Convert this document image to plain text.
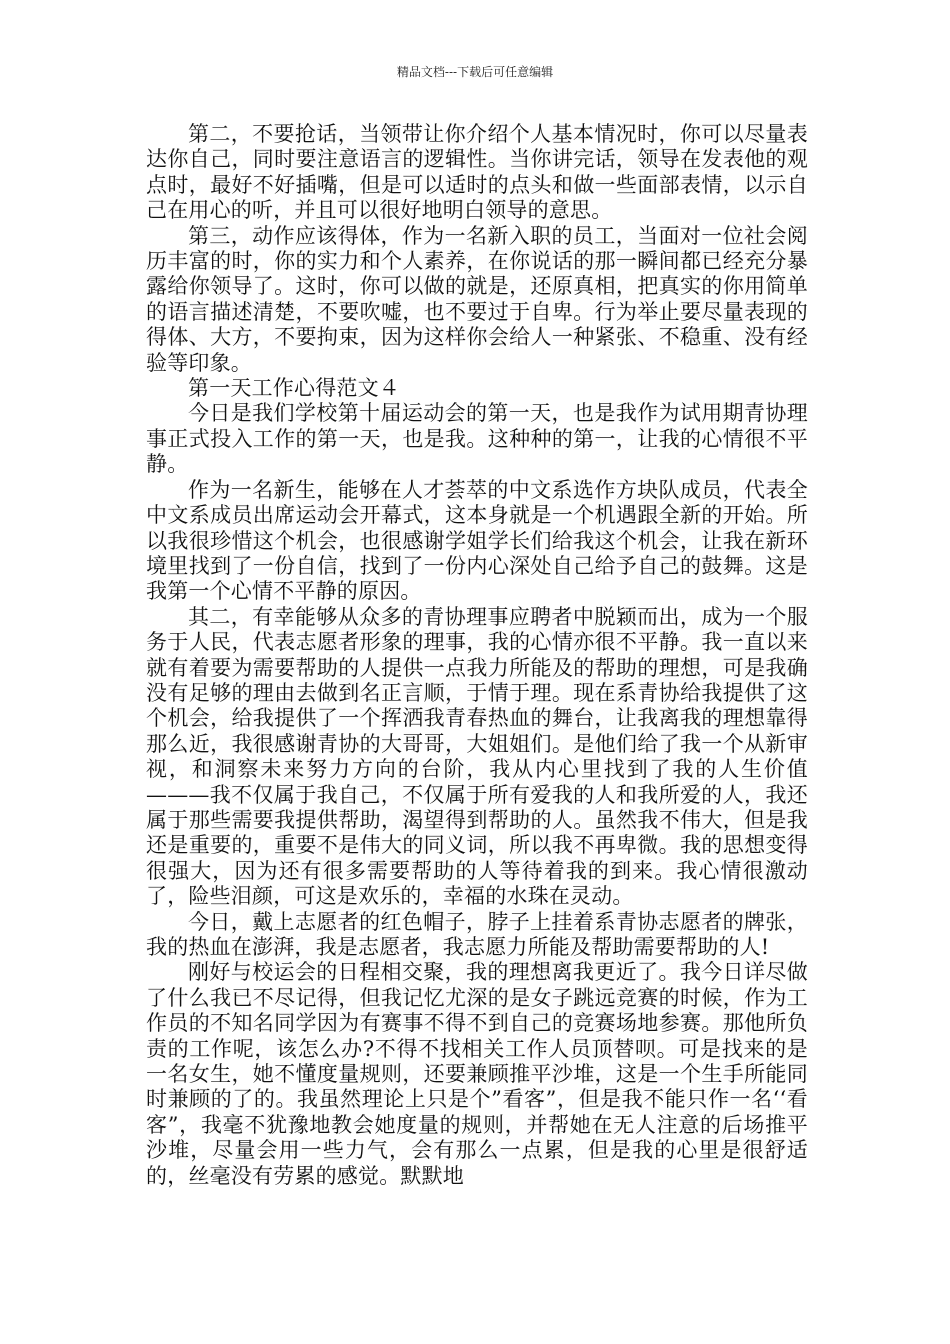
精品文档---下载后可任意编辑

第二，不要抢话，当领带让你介绍个人基本情况时，你可以尽量表达你自己，同时要注意语言的逻辑性。当你讲完话，领导在发表他的观点时，最好不好插嘴，但是可以适时的点头和做一些面部表情，以示自己在用心的听，并且可以很好地明白领导的意思。

第三，动作应该得体，作为一名新入职的员工，当面对一位社会阅历丰富的时，你的实力和个人素养，在你说话的那一瞬间都已经充分暴露给你领导了。这时，你可以做的就是，还原真相，把真实的你用简单的语言描述清楚，不要吹嘘，也不要过于自卑。行为举止要尽量表现的得体、大方，不要拘束，因为这样你会给人一种紧张、不稳重、没有经验等印象。

第一天工作心得范文４

今日是我们学校第十届运动会的第一天，也是我作为试用期青协理事正式投入工作的第一天，也是我。这种种的第一，让我的心情很不平静。

作为一名新生，能够在人才荟萃的中文系选作方块队成员，代表全中文系成员出席运动会开幕式，这本身就是一个机遇跟全新的开始。所以我很珍惜这个机会，也很感谢学姐学长们给我这个机会，让我在新环境里找到了一份自信，找到了一份内心深处自己给予自己的鼓舞。这是我第一个心情不平静的原因。

其二，有幸能够从众多的青协理事应聘者中脱颖而出，成为一个服务于人民，代表志愿者形象的理事，我的心情亦很不平静。我一直以来就有着要为需要帮助的人提供一点我力所能及的帮助的理想，可是我确没有足够的理由去做到名正言顺，于情于理。现在系青协给我提供了这个机会，给我提供了一个挥洒我青春热血的舞台，让我离我的理想靠得那么近，我很感谢青协的大哥哥，大姐姐们。是他们给了我一个从新审视，和洞察未来努力方向的台阶，我从内心里找到了我的人生价值———我不仅属于我自己，不仅属于所有爱我的人和我所爱的人，我还属于那些需要我提供帮助，渴望得到帮助的人。虽然我不伟大，但是我还是重要的，重要不是伟大的同义词，所以我不再卑微。我的思想变得很强大，因为还有很多需要帮助的人等待着我的到来。我心情很激动了，险些泪颜，可这是欢乐的，幸福的水珠在灵动。

今日，戴上志愿者的红色帽子，脖子上挂着系青协志愿者的牌张，我的热血在澎湃，我是志愿者，我志愿力所能及帮助需要帮助的人!

刚好与校运会的日程相交聚，我的理想离我更近了。我今日详尽做了什么我已不尽记得，但我记忆尤深的是女子跳远竞赛的时候，作为工作员的不知名同学因为有赛事不得不到自己的竞赛场地参赛。那他所负责的工作呢，该怎么办?不得不找相关工作人员顶替呗。可是找来的是一名女生，她不懂度量规则，还要兼顾推平沙堆，这是一个生手所能同时兼顾的了的。我虽然理论上只是个”看客”，但是我不能只作一名‘‘看客”，我毫不犹豫地教会她度量的规则，并帮她在无人注意的后场推平沙堆，尽量会用一些力气，会有那么一点累，但是我的心里是很舒适的，丝毫没有劳累的感觉。默默地
